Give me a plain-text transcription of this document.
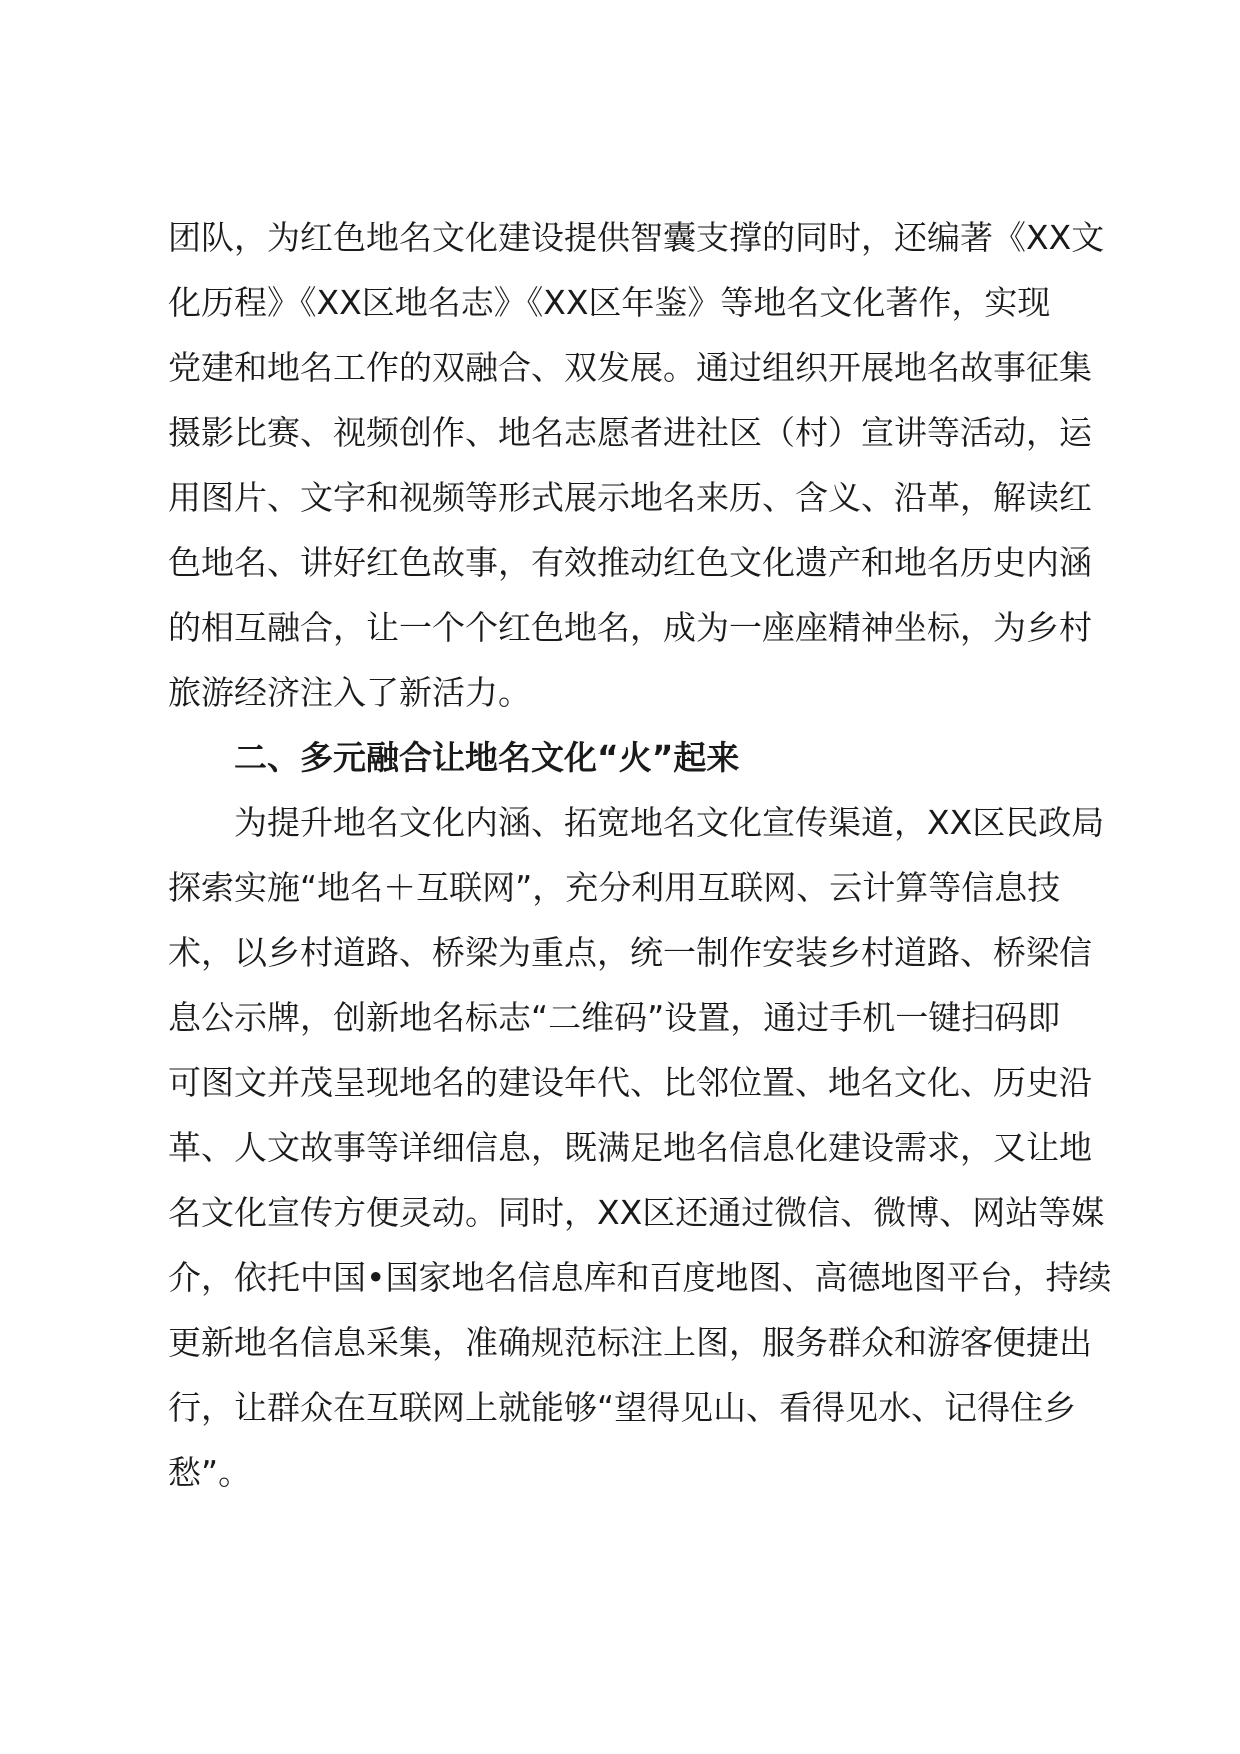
团队，为红色地名文化建设提供智囊支撑的同时，还编著《XX文
化历程》《XX区地名志》《XX区年鉴》等地名文化著作，实现
党建和地名工作的双融合、双发展。通过组织开展地名故事征集
摄影比赛、视频创作、地名志愿者进社区（村）宣讲等活动，运
用图片、文字和视频等形式展示地名来历、含义、沿革，解读红
色地名、讲好红色故事，有效推动红色文化遗产和地名历史内涵
的相互融合，让一个个红色地名，成为一座座精神坐标，为乡村
旅游经济注入了新活力。
二、多元融合让地名文化“火”起来
为提升地名文化内涵、拓宽地名文化宣传渠道，XX区民政局
探索实施“地名＋互联网”，充分利用互联网、云计算等信息技
术，以乡村道路、桥梁为重点，统一制作安装乡村道路、桥梁信
息公示牌，创新地名标志“二维码”设置，通过手机一键扫码即
可图文并茂呈现地名的建设年代、比邻位置、地名文化、历史沿
革、人文故事等详细信息，既满足地名信息化建设需求，又让地
名文化宣传方便灵动。同时，XX区还通过微信、微博、网站等媒
介，依托中国•国家地名信息库和百度地图、高德地图平台，持续
更新地名信息采集，准确规范标注上图，服务群众和游客便捷出
行，让群众在互联网上就能够“望得见山、看得见水、记得住乡
愁”。
